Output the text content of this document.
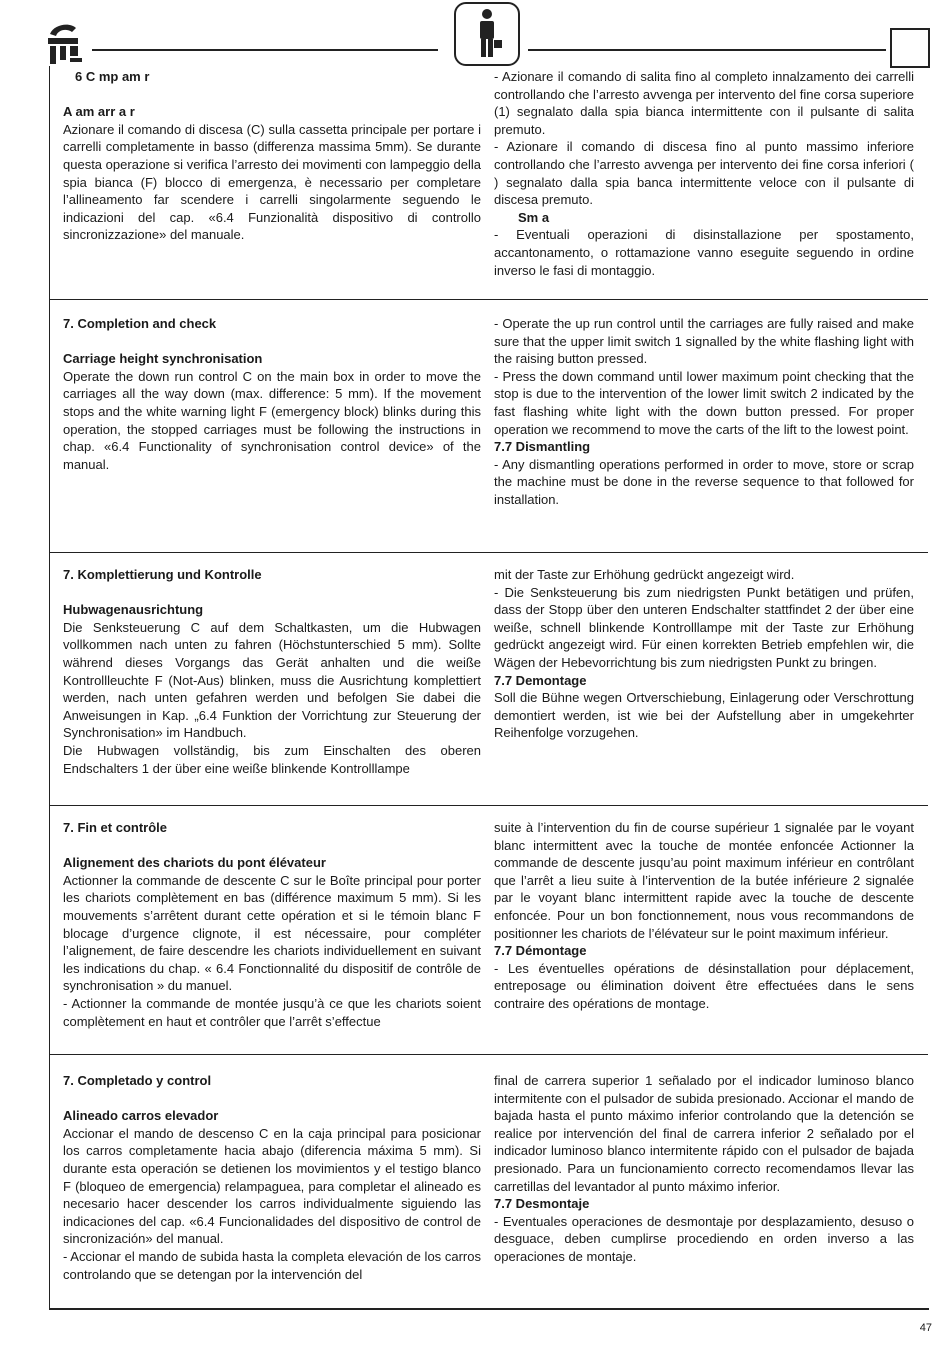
6 C mp am r

A am arr a r

Azionare il comando di discesa (C) sulla cassetta principale per portare i carrelli completamente in basso (differenza massima 5mm). Se durante questa operazione si verifica l’arresto dei movimenti con lampeggio della spia bianca (F) blocco di emergenza, è necessario per completare l’allineamento far scendere i carrelli singolarmente seguendo le indicazioni del cap. «6.4 Funzionalità dispositivo di controllo sincronizzazione» del manuale.

- Azionare il comando di salita fino al completo innalzamento dei carrelli controllando che l’arresto avvenga per intervento del fine corsa superiore (1) segnalato dalla spia bianca intermittente con il pulsante di salita premuto.

- Azionare il comando di discesa fino al punto massimo inferiore controllando che l’arresto avvenga per intervento dei fine corsa inferiori ( ) segnalato dalla spia banca intermittente veloce con il pulsante di discesa premuto.

Sm a

- Eventuali operazioni di disinstallazione per spostamento, accantonamento, o rottamazione vanno eseguite seguendo in ordine inverso le fasi di montaggio.

7. Completion and check

Carriage height synchronisation

Operate the down run control C on the main box in order to move the carriages all the way down (max. difference: 5 mm). If the movement stops and the white warning light F (emergency block) blinks during this operation, the stopped carriages must be following the instructions in chap. «6.4 Functionality of synchronisation control device» of the manual.

- Operate the up run control until the carriages are fully raised and make sure that the upper limit switch 1 signalled by the white flashing light with the raising button pressed.

- Press the down command until lower maximum point checking that the stop is due to the intervention of the lower limit switch 2 indicated by the fast flashing white light with the down button pressed. For proper operation we recommend to move the carts of the lift to the lowest point.

7.7 Dismantling

- Any dismantling operations performed in order to move, store or scrap the machine must be done in the reverse sequence to that followed for installation.

7. Komplettierung und Kontrolle

Hubwagenausrichtung

Die Senksteuerung C auf dem Schaltkasten, um die Hubwagen vollkommen nach unten zu fahren (Höchstunterschied 5 mm). Sollte während dieses Vorgangs das Gerät anhalten und die weiße Kontrollleuchte F (Not-Aus) blinken, muss die Ausrichtung komplettiert werden, nach unten gefahren werden und befolgen Sie dabei die Anweisungen in Kap. „6.4 Funktion der Vorrichtung zur Steuerung der Synchronisation» im Handbuch.

Die Hubwagen vollständig, bis zum Einschalten des oberen Endschalters 1 der über eine weiße blinkende Kontrolllampe

mit der Taste zur Erhöhung gedrückt angezeigt wird.

- Die Senksteuerung bis zum niedrigsten Punkt betätigen und prüfen, dass der Stopp über den unteren Endschalter stattfindet 2 der über eine weiße, schnell blinkende Kontrolllampe mit der Taste zur Erhöhung gedrückt angezeigt wird. Für einen korrekten Betrieb empfehlen wir, die Wägen der Hebevorrichtung bis zum niedrigsten Punkt zu bringen.

7.7 Demontage

Soll die Bühne wegen Ortverschiebung, Einlagerung oder Verschrottung demontiert werden, ist wie bei der Aufstellung aber in umgekehrter Reihenfolge vorzugehen.

7. Fin et contrôle

Alignement des chariots du pont élévateur

Actionner la commande de descente C sur le Boîte principal pour porter les chariots complètement en bas (différence maximum 5 mm). Si les mouvements s’arrêtent durant cette opération et si le témoin blanc F blocage d’urgence clignote, il est nécessaire, pour compléter l’alignement, de faire descendre les chariots individuellement en suivant les indications du chap. « 6.4 Fonctionnalité du dispositif de contrôle de synchronisation » du manuel.

- Actionner la commande de montée jusqu’à ce que les chariots soient complètement en haut et contrôler que l’arrêt s’effectue

suite à l’intervention du fin de course supérieur 1 signalée par le voyant blanc intermittent avec la touche de montée enfoncée Actionner la commande de descente jusqu’au point maximum inférieur en contrôlant que l’arrêt a lieu suite à l’intervention de la butée inférieure 2 signalée par le voyant blanc intermittent rapide avec la touche de descente enfoncée. Pour un bon fonctionnement, nous vous recommandons de positionner les chariots de l’élévateur sur le point maximum inférieur.

7.7 Démontage

- Les éventuelles opérations de désinstallation pour déplacement, entreposage ou élimination doivent être effectuées dans le sens contraire des opérations de montage.

7. Completado y control

Alineado carros elevador

Accionar el mando de descenso C en la caja principal para posicionar los carros completamente hacia abajo (diferencia máxima 5 mm). Si durante esta operación se detienen los movimientos y el testigo blanco F (bloqueo de emergencia) relampaguea, para completar el alineado es necesario hacer descender los carros individualmente siguiendo las indicaciones del cap. «6.4 Funcionalidades del dispositivo de control de sincronización» del manual.

- Accionar el mando de subida hasta la completa elevación de los carros controlando que se detengan por la intervención del

final de carrera superior 1 señalado por el indicador luminoso blanco intermitente con el pulsador de subida presionado. Accionar el mando de bajada hasta el punto máximo inferior controlando que la detención se realice por intervención del final de carrera inferior 2 señalado por el indicador luminoso blanco intermitente rápido con el pulsador de bajada presionado. Para un funcionamiento correcto recomendamos llevar las carretillas del levantador al punto máximo inferior.

7.7 Desmontaje

- Eventuales operaciones de desmontaje por desplazamiento, desuso o desguace, deben cumplirse procediendo en orden inverso a las operaciones de montaje.

47
